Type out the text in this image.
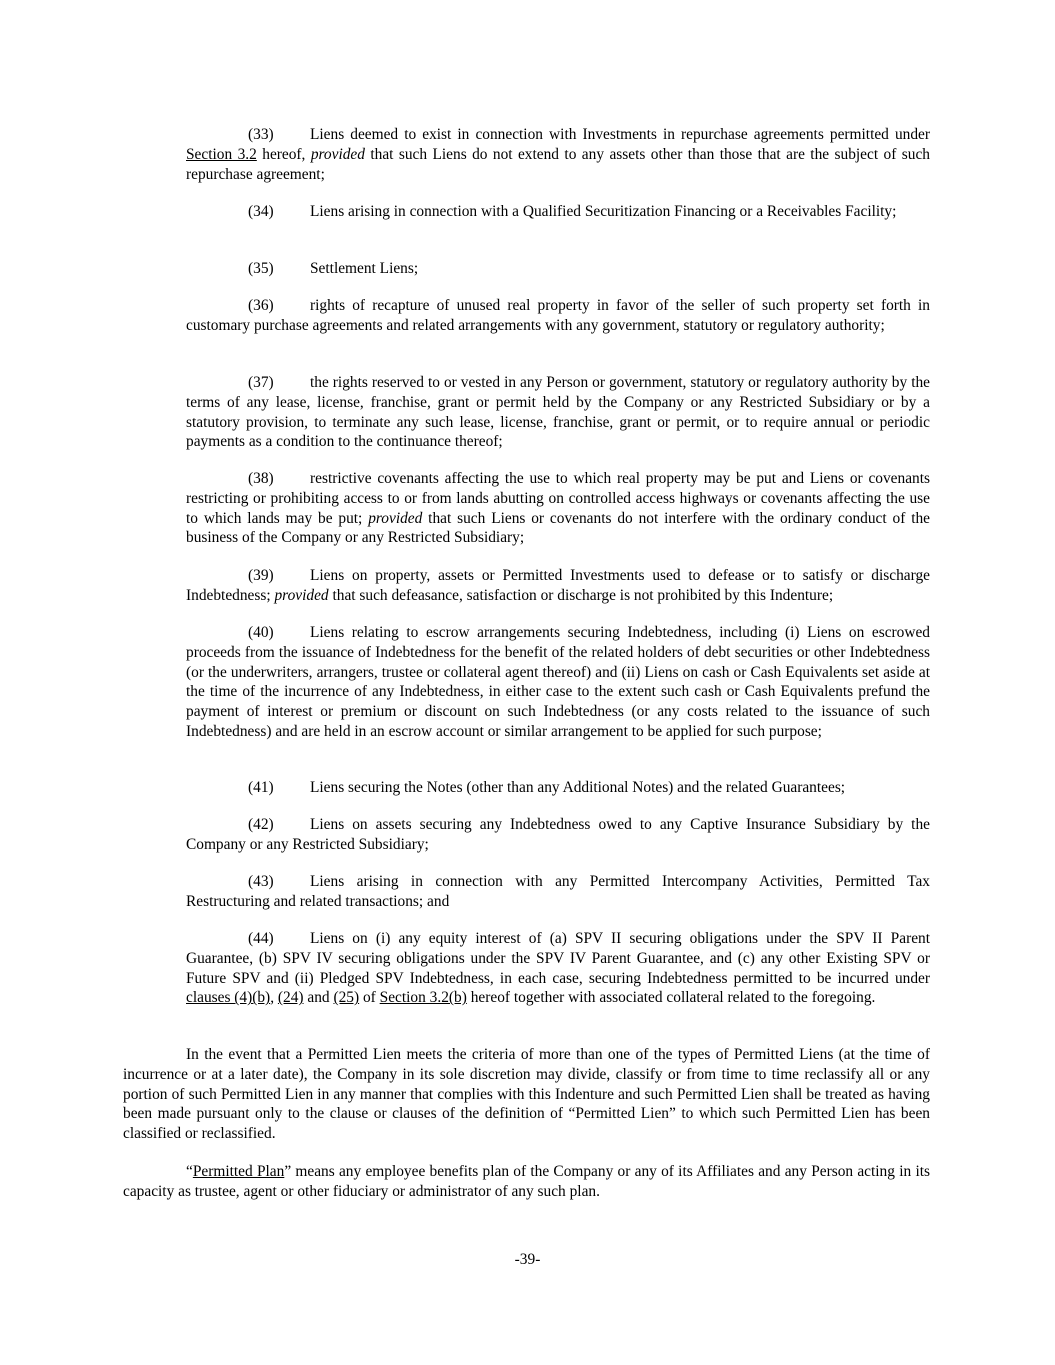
(33) Liens deemed to exist in connection with Investments in repurchase agreements permitted under Section 3.2 hereof, provided that such Liens do not extend to any assets other than those that are the subject of such repurchase agreement;

(34) Liens arising in connection with a Qualified Securitization Financing or a Receivables Facility;

(35) Settlement Liens;

(36) rights of recapture of unused real property in favor of the seller of such property set forth in customary purchase agreements and related arrangements with any government, statutory or regulatory authority;

(37) the rights reserved to or vested in any Person or government, statutory or regulatory authority by the terms of any lease, license, franchise, grant or permit held by the Company or any Restricted Subsidiary or by a statutory provision, to terminate any such lease, license, franchise, grant or permit, or to require annual or periodic payments as a condition to the continuance thereof;

(38) restrictive covenants affecting the use to which real property may be put and Liens or covenants restricting or prohibiting access to or from lands abutting on controlled access highways or covenants affecting the use to which lands may be put; provided that such Liens or covenants do not interfere with the ordinary conduct of the business of the Company or any Restricted Subsidiary;

(39) Liens on property, assets or Permitted Investments used to defease or to satisfy or discharge Indebtedness; provided that such defeasance, satisfaction or discharge is not prohibited by this Indenture;

(40) Liens relating to escrow arrangements securing Indebtedness, including (i) Liens on escrowed proceeds from the issuance of Indebtedness for the benefit of the related holders of debt securities or other Indebtedness (or the underwriters, arrangers, trustee or collateral agent thereof) and (ii) Liens on cash or Cash Equivalents set aside at the time of the incurrence of any Indebtedness, in either case to the extent such cash or Cash Equivalents prefund the payment of interest or premium or discount on such Indebtedness (or any costs related to the issuance of such Indebtedness) and are held in an escrow account or similar arrangement to be applied for such purpose;

(41) Liens securing the Notes (other than any Additional Notes) and the related Guarantees;

(42) Liens on assets securing any Indebtedness owed to any Captive Insurance Subsidiary by the Company or any Restricted Subsidiary;

(43) Liens arising in connection with any Permitted Intercompany Activities, Permitted Tax Restructuring and related transactions; and

(44) Liens on (i) any equity interest of (a) SPV II securing obligations under the SPV II Parent Guarantee, (b) SPV IV securing obligations under the SPV IV Parent Guarantee, and (c) any other Existing SPV or Future SPV and (ii) Pledged SPV Indebtedness, in each case, securing Indebtedness permitted to be incurred under clauses (4)(b), (24) and (25) of Section 3.2(b) hereof together with associated collateral related to the foregoing.

In the event that a Permitted Lien meets the criteria of more than one of the types of Permitted Liens (at the time of incurrence or at a later date), the Company in its sole discretion may divide, classify or from time to time reclassify all or any portion of such Permitted Lien in any manner that complies with this Indenture and such Permitted Lien shall be treated as having been made pursuant only to the clause or clauses of the definition of “Permitted Lien” to which such Permitted Lien has been classified or reclassified.

“Permitted Plan” means any employee benefits plan of the Company or any of its Affiliates and any Person acting in its capacity as trustee, agent or other fiduciary or administrator of any such plan.

-39-
